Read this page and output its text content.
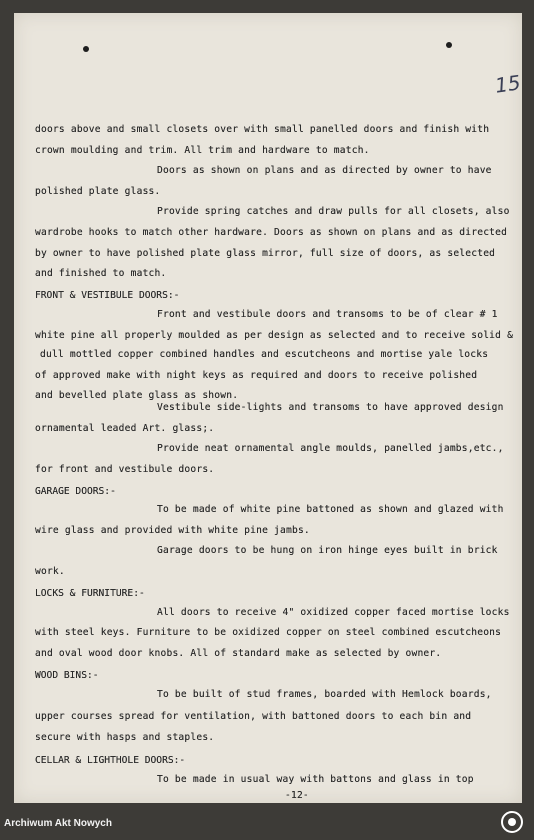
15

doors above and small closets over with small panelled doors and finish with

crown moulding and trim. All trim and hardware to match.

Doors as shown on plans and as directed by owner to have

polished plate glass.

Provide spring catches and draw pulls for all closets, also

wardrobe hooks to match other hardware. Doors as shown on plans and as directed

by owner to have polished plate glass mirror, full size of doors, as selected

and finished to match.

FRONT & VESTIBULE DOORS:-

Front and vestibule doors and transoms to be of clear # 1

white pine all properly moulded as per design as selected and to receive solid &

dull mottled copper combined handles and escutcheons and mortise yale locks

of approved make with night keys as required and doors to receive polished

and bevelled plate glass as shown.

Vestibule side-lights and transoms to have approved design

ornamental leaded Art. glass;.

Provide neat ornamental angle moulds, panelled jambs,etc.,

for front and vestibule doors.

GARAGE DOORS:-

To be made of white pine battoned as shown and glazed with

wire glass and provided with white pine jambs.

Garage doors to be hung on iron hinge eyes built in brick

work.

LOCKS & FURNITURE:-

All doors to receive 4" oxidized copper faced mortise locks

with steel keys. Furniture to be oxidized copper on steel combined escutcheons

and oval wood door knobs. All of standard make as selected by owner.

WOOD BINS:-

To be built of stud frames, boarded with Hemlock boards,

upper courses spread for ventilation, with battoned doors to each bin and

secure with hasps and staples.

CELLAR & LIGHTHOLE DOORS:-

To be made in usual way with battons and glass in top

-12-

Archiwum Akt Nowych
